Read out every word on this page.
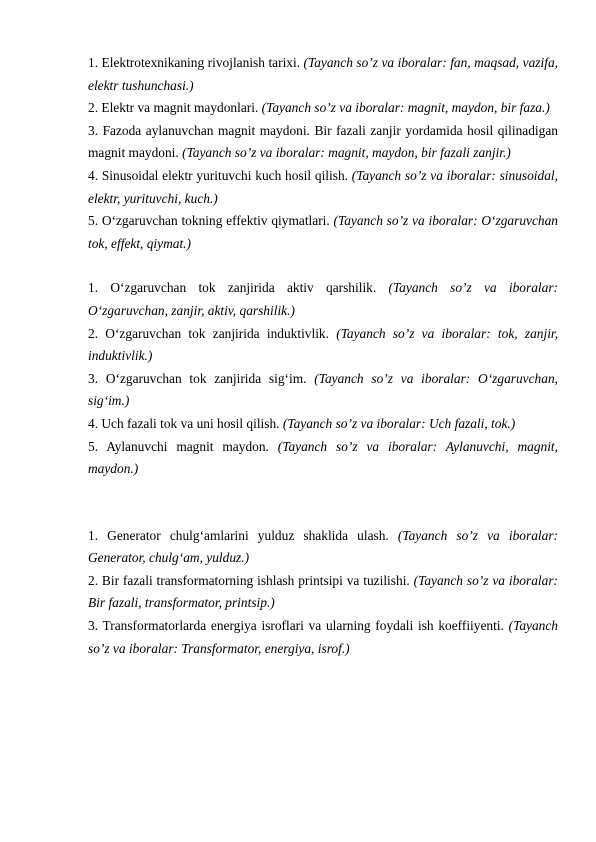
1. Elektrotexnikaning rivojlanish tarixi. (Tayanch so’z va iboralar: fan, maqsad, vazifa, elektr tushunchasi.)

2. Elektr va magnit maydonlari. (Tayanch so’z va iboralar: magnit, maydon, bir faza.)

3. Fazoda aylanuvchan magnit maydoni. Bir fazali zanjir yordamida hosil qilinadigan magnit maydoni. (Tayanch so’z va iboralar: magnit, maydon, bir fazali zanjir.)

4. Sinusoidal elektr yurituvchi kuch hosil qilish. (Tayanch so’z va iboralar: sinusoidal, elektr, yurituvchi, kuch.)

5. O‘zgaruvchan tokning effektiv qiymatlari. (Tayanch so’z va iboralar: O‘zgaruvchan tok, effekt, qiymat.)

1. O‘zgaruvchan tok zanjirida aktiv qarshilik. (Tayanch so’z va iboralar: O‘zgaruvchan, zanjir, aktiv, qarshilik.)

2. O‘zgaruvchan tok zanjirida induktivlik. (Tayanch so’z va iboralar: tok, zanjir, induktivlik.)

3. O‘zgaruvchan tok zanjirida sig‘im. (Tayanch so’z va iboralar: O‘zgaruvchan, sig‘im.)

4. Uch fazali tok va uni hosil qilish. (Tayanch so’z va iboralar: Uch fazali, tok.)

5. Aylanuvchi magnit maydon. (Tayanch so’z va iboralar: Aylanuvchi, magnit, maydon.)

1. Generator chulg‘amlarini yulduz shaklida ulash. (Tayanch so’z va iboralar: Generator, chulg‘am, yulduz.)

2. Bir fazali transformatorning ishlash printsipi va tuzilishi. (Tayanch so’z va iboralar: Bir fazali, transformator, printsip.)

3. Transformatorlarda energiya isroflari va ularning foydali ish koeffiiyenti. (Tayanch so’z va iboralar: Transformator, energiya, isrof.)
